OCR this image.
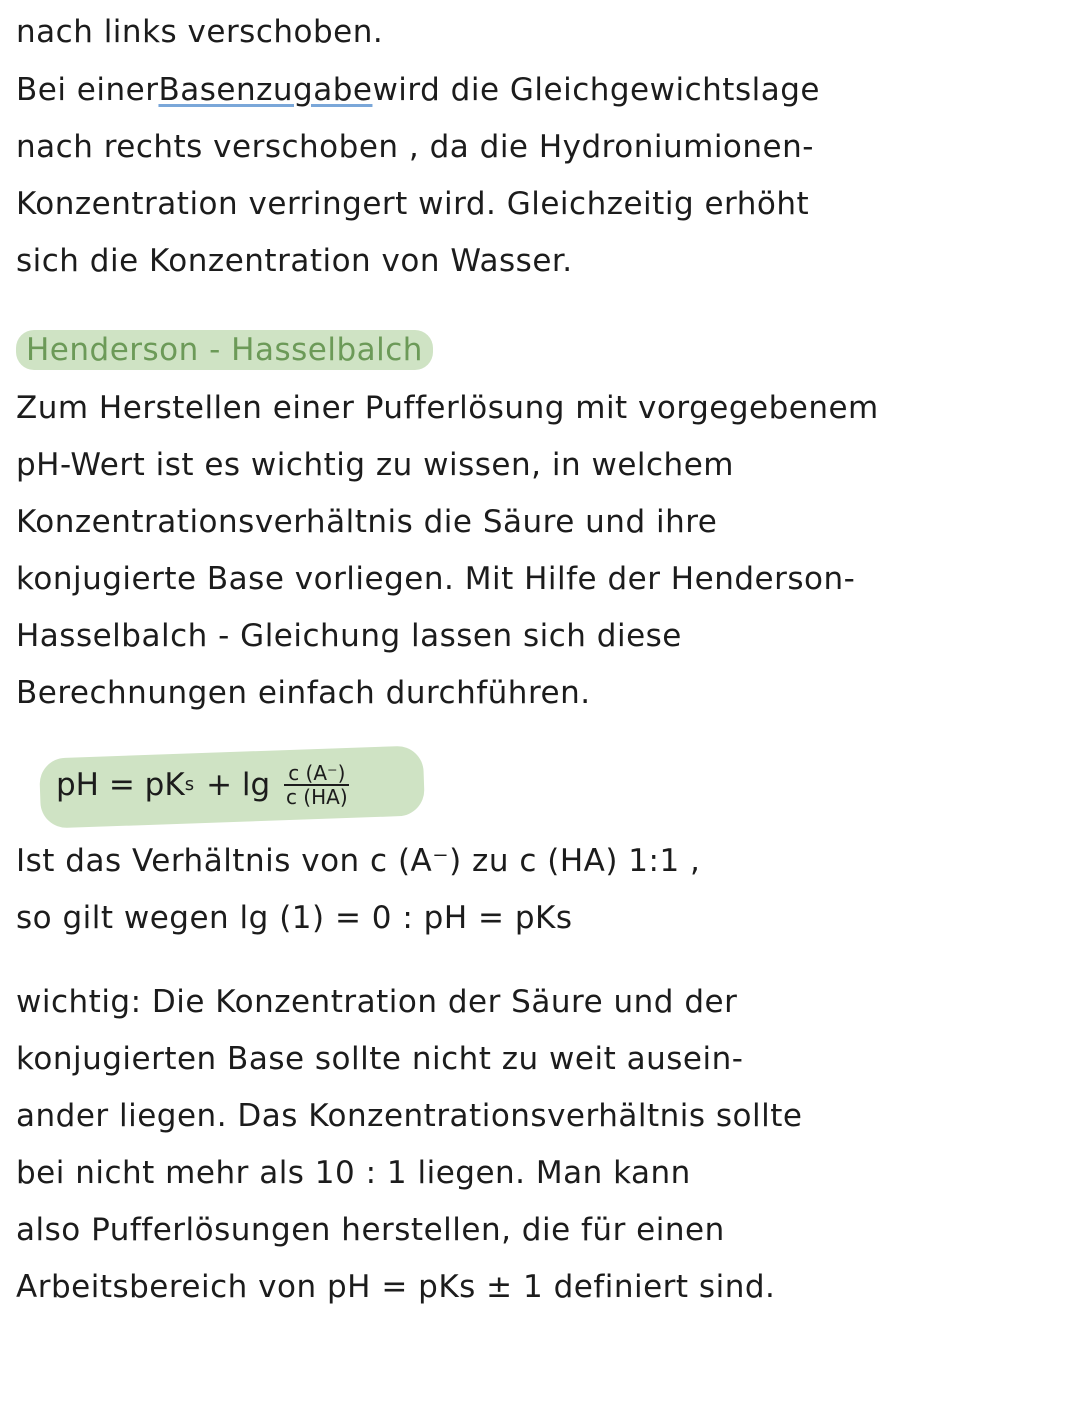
nach links verschoben.
Bei einerBasenzugabewird die Gleichgewichtslage
nach rechts verschoben , da die Hydroniumionen-
Konzentration verringert wird. Gleichzeitig erhöht
sich die Konzentration von Wasser.
Henderson - Hasselbalch
Zum Herstellen einer Pufferlösung mit vorgegebenem
pH-Wert ist es wichtig zu wissen, in welchem
Konzentrationsverhältnis die Säure und ihre
konjugierte Base vorliegen. Mit Hilfe der Henderson-
Hasselbalch - Gleichung lassen sich diese
Berechnungen einfach durchführen.
pH = pK $s + \lg \frac{c (A^-)}{c (HA)}$
Ist das Verhältnis von c (A⁻) zu c (HA) 1:1 ,
so gilt wegen lg (1) = 0 : pH = pKs
wichtig: Die Konzentration der Säure und der
konjugierten Base sollte nicht zu weit ausein-
ander liegen. Das Konzentrationsverhältnis sollte
bei nicht mehr als 10 : 1 liegen. Man kann
also Pufferlösungen herstellen, die für einen
Arbeitsbereich von pH = pKs ± 1 definiert sind.
